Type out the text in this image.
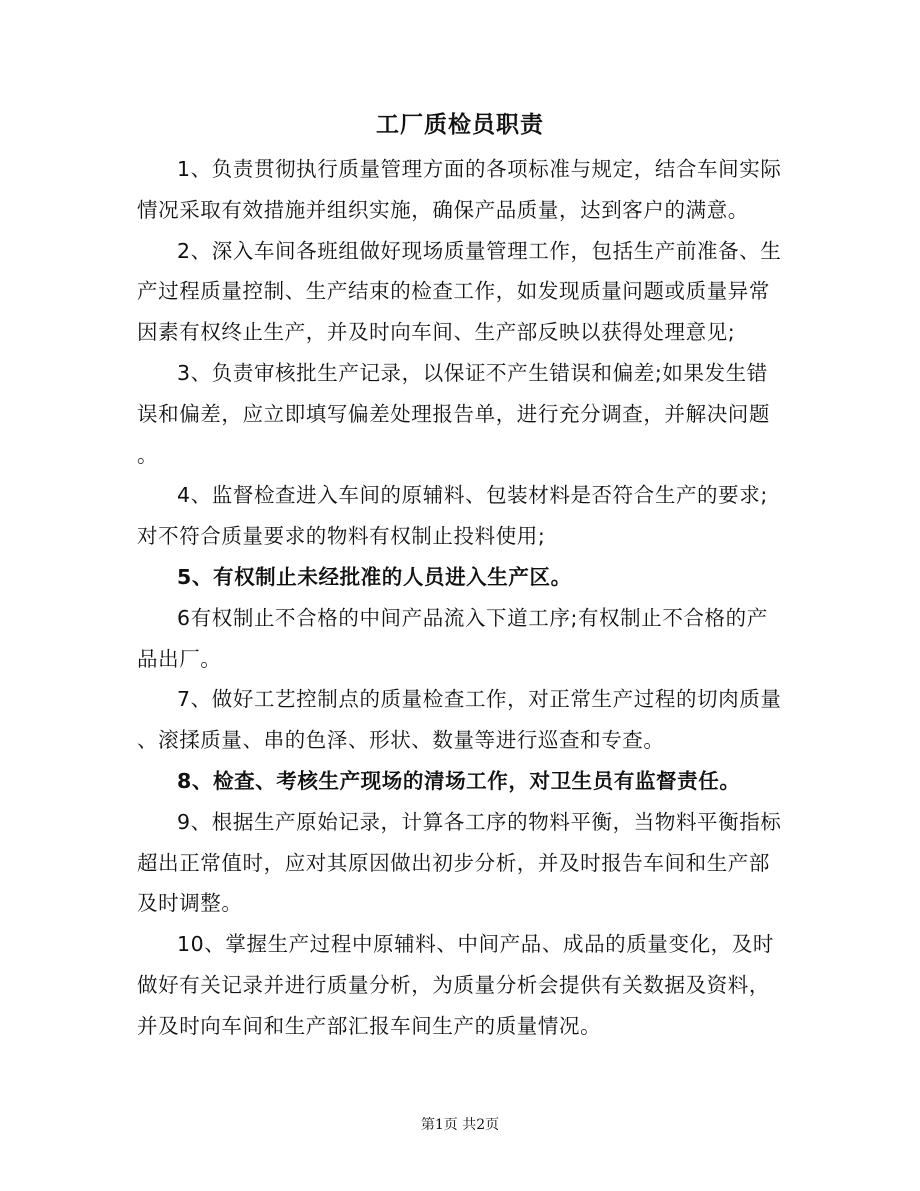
工厂质检员职责
1、负责贯彻执行质量管理方面的各项标准与规定，结合车间实际
情况采取有效措施并组织实施，确保产品质量，达到客户的满意。
2、深入车间各班组做好现场质量管理工作，包括生产前准备、生
产过程质量控制、生产结束的检查工作，如发现质量问题或质量异常
因素有权终止生产，并及时向车间、生产部反映以获得处理意见;
3、负责审核批生产记录，以保证不产生错误和偏差;如果发生错
误和偏差，应立即填写偏差处理报告单，进行充分调查，并解决问题
。
4、监督检查进入车间的原辅料、包装材料是否符合生产的要求;
对不符合质量要求的物料有权制止投料使用;
5、有权制止未经批准的人员进入生产区。
6有权制止不合格的中间产品流入下道工序;有权制止不合格的产
品出厂。
7、做好工艺控制点的质量检查工作，对正常生产过程的切肉质量
、滚揉质量、串的色泽、形状、数量等进行巡查和专查。
8、检查、考核生产现场的清场工作，对卫生员有监督责任。
9、根据生产原始记录，计算各工序的物料平衡，当物料平衡指标
超出正常值时，应对其原因做出初步分析，并及时报告车间和生产部
及时调整。
10、掌握生产过程中原辅料、中间产品、成品的质量变化，及时
做好有关记录并进行质量分析，为质量分析会提供有关数据及资料，
并及时向车间和生产部汇报车间生产的质量情况。
第1页 共2页
